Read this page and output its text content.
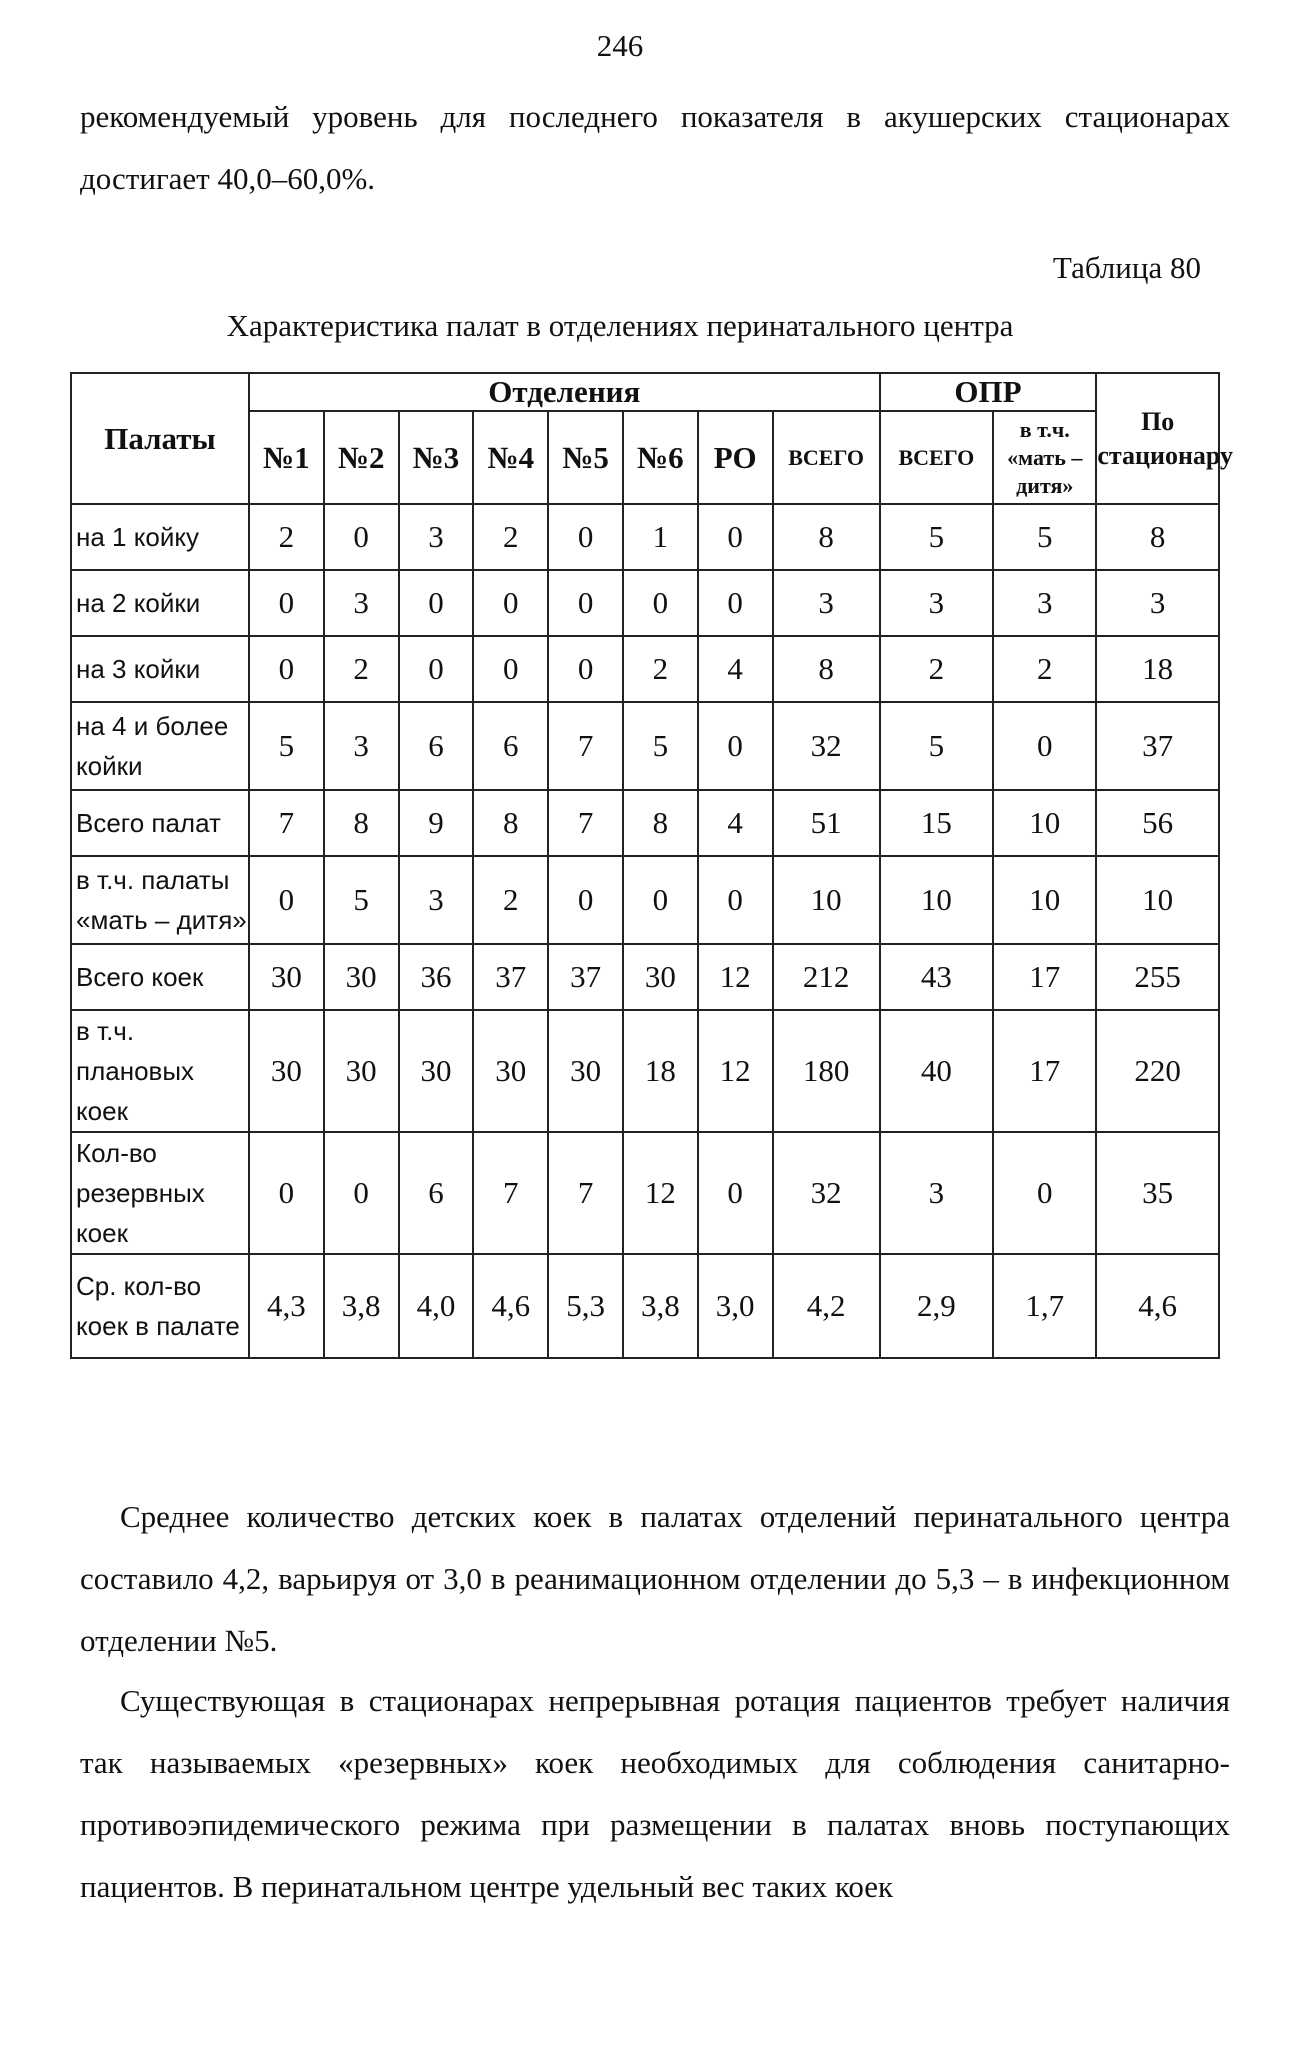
246

рекомендуемый уровень для последнего показателя в акушерских стационарах достигает 40,0–60,0%.

Таблица 80
Характеристика палат в отделениях перинатального центра
Палаты	Отделения								ОПР		По стационару
	№1	№2	№3	№4	№5	№6	РО	ВСЕГО	ВСЕГО	в т.ч. «мать – дитя»	
на 1 койку	2	0	3	2	0	1	0	8	5	5	8
на 2 койки	0	3	0	0	0	0	0	3	3	3	3
на 3 койки	0	2	0	0	0	2	4	8	2	2	18
на 4 и более койки	5	3	6	6	7	5	0	32	5	0	37
Всего палат	7	8	9	8	7	8	4	51	15	10	56
в т.ч. палаты «мать – дитя»	0	5	3	2	0	0	0	10	10	10	10
Всего коек	30	30	36	37	37	30	12	212	43	17	255
в т.ч. плановых коек	30	30	30	30	30	18	12	180	40	17	220
Кол-во резервных коек	0	0	6	7	7	12	0	32	3	0	35
Ср. кол-во коек в палате	4,3	3,8	4,0	4,6	5,3	3,8	3,0	4,2	2,9	1,7	4,6

Среднее количество детских коек в палатах отделений перинатального центра составило 4,2, варьируя от 3,0 в реанимационном отделении до 5,3 – в инфекционном отделении №5.

Существующая в стационарах непрерывная ротация пациентов требует наличия так называемых «резервных» коек необходимых для соблюдения санитарно-противоэпидемического режима при размещении в палатах вновь поступающих пациентов. В перинатальном центре удельный вес таких коек
